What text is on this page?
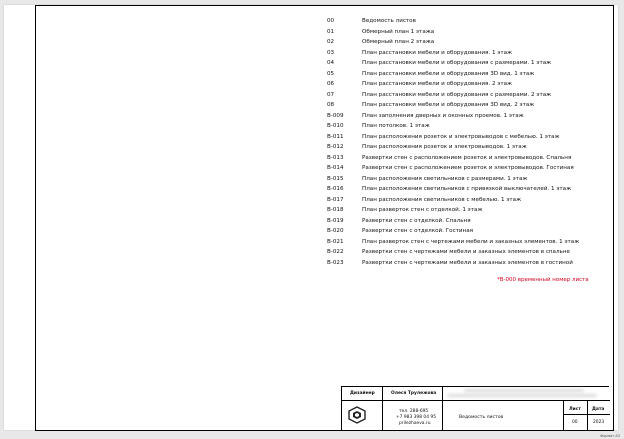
00	Ведомость листов
01	Обмерный план 1 этажа
02	Обмерный план 2 этажа
03	План расстановки мебели и оборудования. 1 этаж
04	План расстановки мебели и оборудования с размерами. 1 этаж
05	План расстановки мебели и оборудования 3D вид. 1 этаж
06	План расстановки мебели и оборудования. 2 этаж
07	План расстановки мебели и оборудования с размерами. 2 этаж
08	План расстановки мебели и оборудования 3D вид. 2 этаж
В-009	План заполнения дверных и оконных проемов. 1 этаж
В-010	План потолков. 1 этаж
В-011	План расположения розеток и электровыводов с мебелью. 1 этаж
В-012	План расположения розеток и электровыводов. 1 этаж
В-013	Развертки стен с расположением розеток и электровыводов. Спальня
В-014	Развертки стен с расположением розеток и электровыводов. Гостиная
В-015	План расположения светильников с размерами. 1 этаж
В-016	План расположения светильников с привязкой выключателей. 1 этаж
В-017	План расположения светильников с мебелью. 1 этаж
В-018	План разверток стен с отделкой. 1 этаж
В-019	Развертки стен с отделкой. Спальня
В-020	Развертки стен с отделкой. Гостиная
В-021	План разверток стен с чертежами мебели и заказных элементов. 1 этаж
В-022	Развертки стен с чертежами мебели и заказных элементов в спальне
В-023	Развертки стен с чертежами мебели и заказных элементов в гостиной
*В-000 временный номер листа
Дизайнер	Олеся Трулежова
тел. 288-695
+7 983 398 04 95
prilezhaeva.ru
Ведомость листов
Лист	Дата
00	2023
Формат А3
